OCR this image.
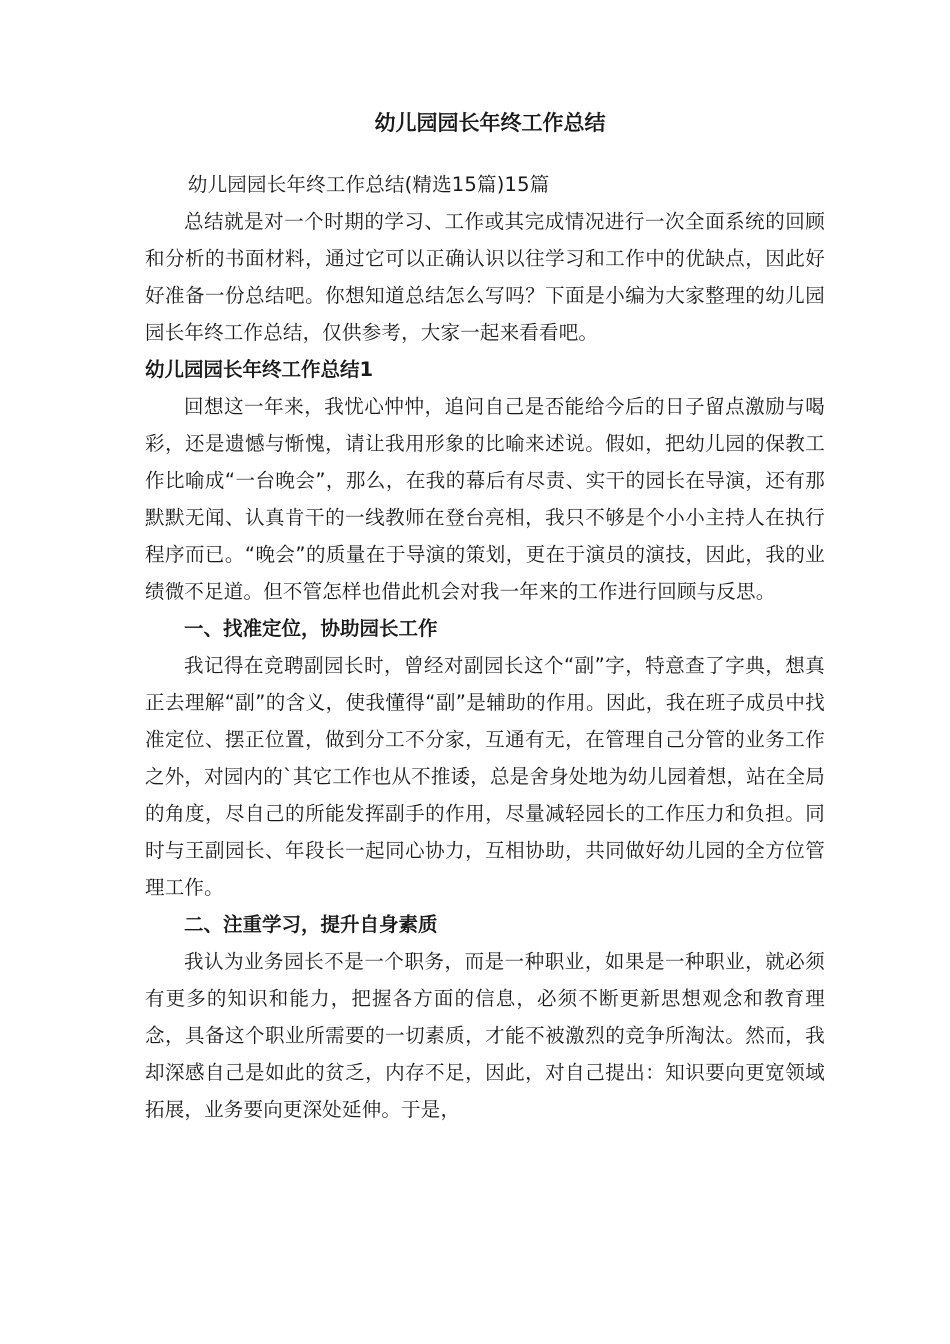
幼儿园园长年终工作总结

幼儿园园长年终工作总结(精选15篇)15篇

总结就是对一个时期的学习、工作或其完成情况进行一次全面系统的回顾和分析的书面材料，通过它可以正确认识以往学习和工作中的优缺点，因此好好准备一份总结吧。你想知道总结怎么写吗？下面是小编为大家整理的幼儿园园长年终工作总结，仅供参考，大家一起来看看吧。

幼儿园园长年终工作总结1

回想这一年来，我忧心忡忡，追问自己是否能给今后的日子留点激励与喝彩，还是遗憾与惭愧，请让我用形象的比喻来述说。假如，把幼儿园的保教工作比喻成“一台晚会”，那么，在我的幕后有尽责、实干的园长在导演，还有那默默无闻、认真肯干的一线教师在登台亮相，我只不够是个小小主持人在执行程序而已。“晚会”的质量在于导演的策划，更在于演员的演技，因此，我的业绩微不足道。但不管怎样也借此机会对我一年来的工作进行回顾与反思。

一、找准定位，协助园长工作

我记得在竞聘副园长时，曾经对副园长这个“副”字，特意查了字典，想真正去理解“副”的含义，使我懂得“副”是辅助的作用。因此，我在班子成员中找准定位、摆正位置，做到分工不分家，互通有无，在管理自己分管的业务工作之外，对园内的`其它工作也从不推诿，总是舍身处地为幼儿园着想，站在全局的角度，尽自己的所能发挥副手的作用，尽量减轻园长的工作压力和负担。同时与王副园长、年段长一起同心协力，互相协助，共同做好幼儿园的全方位管理工作。

二、注重学习，提升自身素质

我认为业务园长不是一个职务，而是一种职业，如果是一种职业，就必须有更多的知识和能力，把握各方面的信息，必须不断更新思想观念和教育理念，具备这个职业所需要的一切素质，才能不被激烈的竞争所淘汰。然而，我却深感自己是如此的贫乏，内存不足，因此，对自己提出：知识要向更宽领域拓展，业务要向更深处延伸。于是，
